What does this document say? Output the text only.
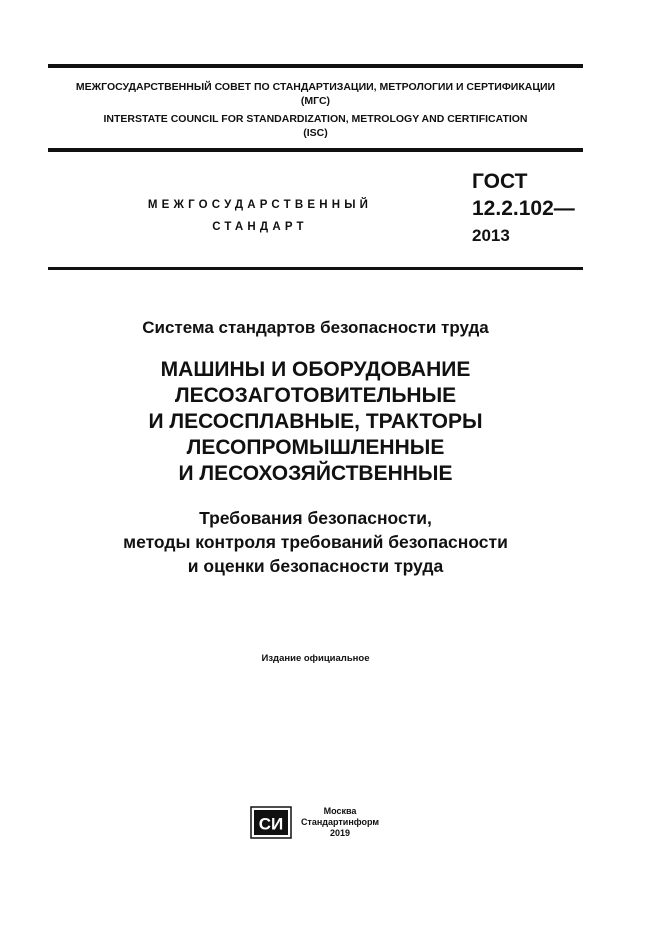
МЕЖГОСУДАРСТВЕННЫЙ СОВЕТ ПО СТАНДАРТИЗАЦИИ, МЕТРОЛОГИИ И СЕРТИФИКАЦИИ
(МГС)
INTERSTATE COUNCIL FOR STANDARDIZATION, METROLOGY AND CERTIFICATION
(ISC)
МЕЖГОСУДАРСТВЕННЫЙ
СТАНДАРТ
ГОСТ
12.2.102—
2013
Система стандартов безопасности труда
МАШИНЫ И ОБОРУДОВАНИЕ
ЛЕСОЗАГОТОВИТЕЛЬНЫЕ
И ЛЕСОСПЛАВНЫЕ, ТРАКТОРЫ
ЛЕСОПРОМЫШЛЕННЫЕ
И ЛЕСОХОЗЯЙСТВЕННЫЕ
Требования безопасности,
методы контроля требований безопасности
и оценки безопасности труда
Издание официальное
СИ
Москва
Стандартинформ
2019
